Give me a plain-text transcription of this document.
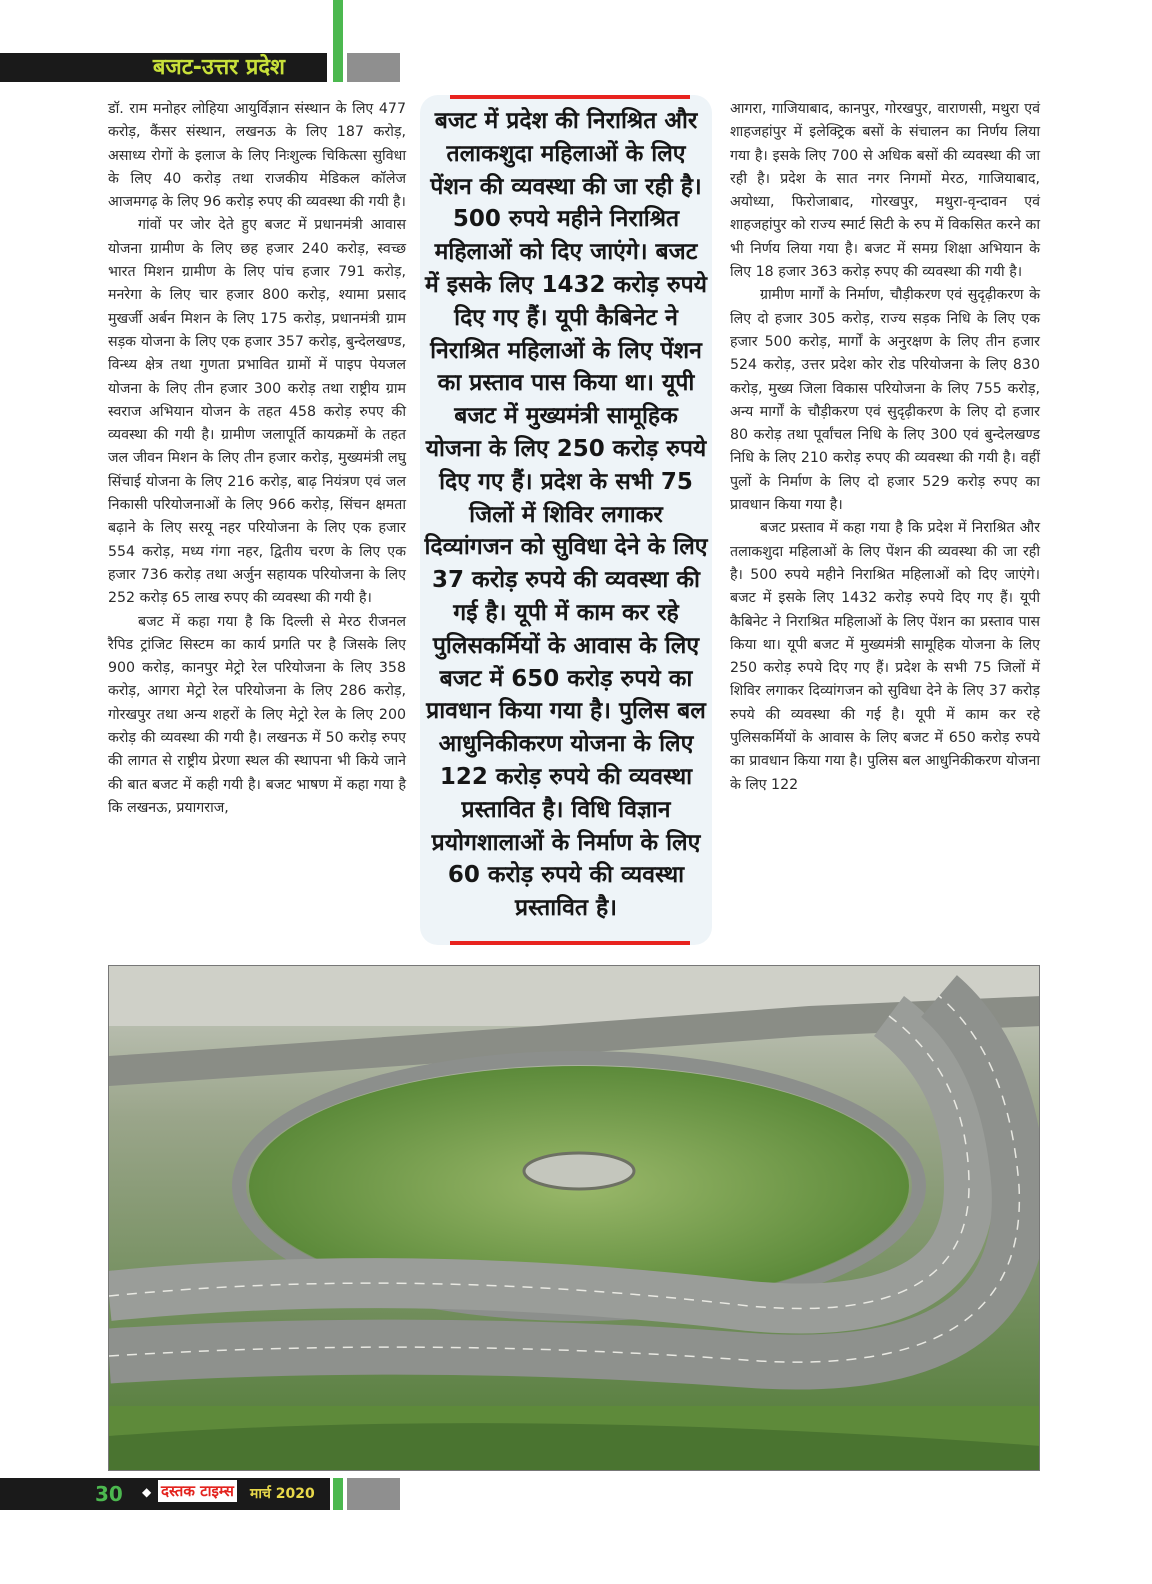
बजट-उत्तर प्रदेश

डॉ. राम मनोहर लोहिया आयुर्विज्ञान संस्थान के लिए 477 करोड़, कैंसर संस्थान, लखनऊ के लिए 187 करोड़, असाध्य रोगों के इलाज के लिए निःशुल्क चिकित्सा सुविधा के लिए 40 करोड़ तथा राजकीय मेडिकल कॉलेज आजमगढ़ के लिए 96 करोड़ रुपए की व्यवस्था की गयी है।

गांवों पर जोर देते हुए बजट में प्रधानमंत्री आवास योजना ग्रामीण के लिए छह हजार 240 करोड़, स्वच्छ भारत मिशन ग्रामीण के लिए पांच हजार 791 करोड़, मनरेगा के लिए चार हजार 800 करोड़, श्यामा प्रसाद मुखर्जी अर्बन मिशन के लिए 175 करोड़, प्रधानमंत्री ग्राम सड़क योजना के लिए एक हजार 357 करोड़, बुन्देलखण्ड, विन्ध्य क्षेत्र तथा गुणता प्रभावित ग्रामों में पाइप पेयजल योजना के लिए तीन हजार 300 करोड़ तथा राष्ट्रीय ग्राम स्वराज अभियान योजन के तहत 458 करोड़ रुपए की व्यवस्था की गयी है। ग्रामीण जलापूर्ति कायक्रमों के तहत जल जीवन मिशन के लिए तीन हजार करोड़, मुख्यमंत्री लघु सिंचाई योजना के लिए 216 करोड़, बाढ़ नियंत्रण एवं जल निकासी परियोजनाओं के लिए 966 करोड़, सिंचन क्षमता बढ़ाने के लिए सरयू नहर परियोजना के लिए एक हजार 554 करोड़, मध्य गंगा नहर, द्वितीय चरण के लिए एक हजार 736 करोड़ तथा अर्जुन सहायक परियोजना के लिए 252 करोड़ 65 लाख रुपए की व्यवस्था की गयी है।

बजट में कहा गया है कि दिल्ली से मेरठ रीजनल रैपिड ट्रांजिट सिस्टम का कार्य प्रगति पर है जिसके लिए 900 करोड़, कानपुर मेट्रो रेल परियोजना के लिए 358 करोड़, आगरा मेट्रो रेल परियोजना के लिए 286 करोड़, गोरखपुर तथा अन्य शहरों के लिए मेट्रो रेल के लिए 200 करोड़ की व्यवस्था की गयी है। लखनऊ में 50 करोड़ रुपए की लागत से राष्ट्रीय प्रेरणा स्थल की स्थापना भी किये जाने की बात बजट में कही गयी है। बजट भाषण में कहा गया है कि लखनऊ, प्रयागराज,

बजट में प्रदेश की निराश्रित और तलाकशुदा महिलाओं के लिए पेंशन की व्यवस्था की जा रही है। 500 रुपये महीने निराश्रित महिलाओं को दिए जाएंगे। बजट में इसके लिए 1432 करोड़ रुपये दिए गए हैं। यूपी कैबिनेट ने निराश्रित महिलाओं के लिए पेंशन का प्रस्ताव पास किया था। यूपी बजट में मुख्यमंत्री सामूहिक योजना के लिए 250 करोड़ रुपये दिए गए हैं। प्रदेश के सभी 75 जिलों में शिविर लगाकर दिव्यांगजन को सुविधा देने के लिए 37 करोड़ रुपये की व्यवस्था की गई है। यूपी में काम कर रहे पुलिसकर्मियों के आवास के लिए बजट में 650 करोड़ रुपये का प्रावधान किया गया है। पुलिस बल आधुनिकीकरण योजना के लिए 122 करोड़ रुपये की व्यवस्था प्रस्तावित है। विधि विज्ञान प्रयोगशालाओं के निर्माण के लिए 60 करोड़ रुपये की व्यवस्था प्रस्तावित है।

आगरा, गाजियाबाद, कानपुर, गोरखपुर, वाराणसी, मथुरा एवं शाहजहांपुर में इलेक्ट्रिक बसों के संचालन का निर्णय लिया गया है। इसके लिए 700 से अधिक बसों की व्यवस्था की जा रही है। प्रदेश के सात नगर निगमों मेरठ, गाजियाबाद, अयोध्या, फिरोजाबाद, गोरखपुर, मथुरा-वृन्दावन एवं शाहजहांपुर को राज्य स्मार्ट सिटी के रुप में विकसित करने का भी निर्णय लिया गया है। बजट में समग्र शिक्षा अभियान के लिए 18 हजार 363 करोड़ रुपए की व्यवस्था की गयी है।

ग्रामीण मार्गों के निर्माण, चौड़ीकरण एवं सुदृढ़ीकरण के लिए दो हजार 305 करोड़, राज्य सड़क निधि के लिए एक हजार 500 करोड़, मार्गों के अनुरक्षण के लिए तीन हजार 524 करोड़, उत्तर प्रदेश कोर रोड परियोजना के लिए 830 करोड़, मुख्य जिला विकास परियोजना के लिए 755 करोड़, अन्य मार्गों के चौड़ीकरण एवं सुदृढ़ीकरण के लिए दो हजार 80 करोड़ तथा पूर्वांचल निधि के लिए 300 एवं बुन्देलखण्ड निधि के लिए 210 करोड़ रुपए की व्यवस्था की गयी है। वहीं पुलों के निर्माण के लिए दो हजार 529 करोड़ रुपए का प्रावधान किया गया है।

बजट प्रस्ताव में कहा गया है कि प्रदेश में निराश्रित और तलाकशुदा महिलाओं के लिए पेंशन की व्यवस्था की जा रही है। 500 रुपये महीने निराश्रित महिलाओं को दिए जाएंगे। बजट में इसके लिए 1432 करोड़ रुपये दिए गए हैं। यूपी कैबिनेट ने निराश्रित महिलाओं के लिए पेंशन का प्रस्ताव पास किया था। यूपी बजट में मुख्यमंत्री सामूहिक योजना के लिए 250 करोड़ रुपये दिए गए हैं। प्रदेश के सभी 75 जिलों में शिविर लगाकर दिव्यांगजन को सुविधा देने के लिए 37 करोड़ रुपये की व्यवस्था की गई है। यूपी में काम कर रहे पुलिसकर्मियों के आवास के लिए बजट में 650 करोड़ रुपये का प्रावधान किया गया है। पुलिस बल आधुनिकीकरण योजना के लिए 122

30 ◆ दस्तक टाइम्स मार्च 2020
